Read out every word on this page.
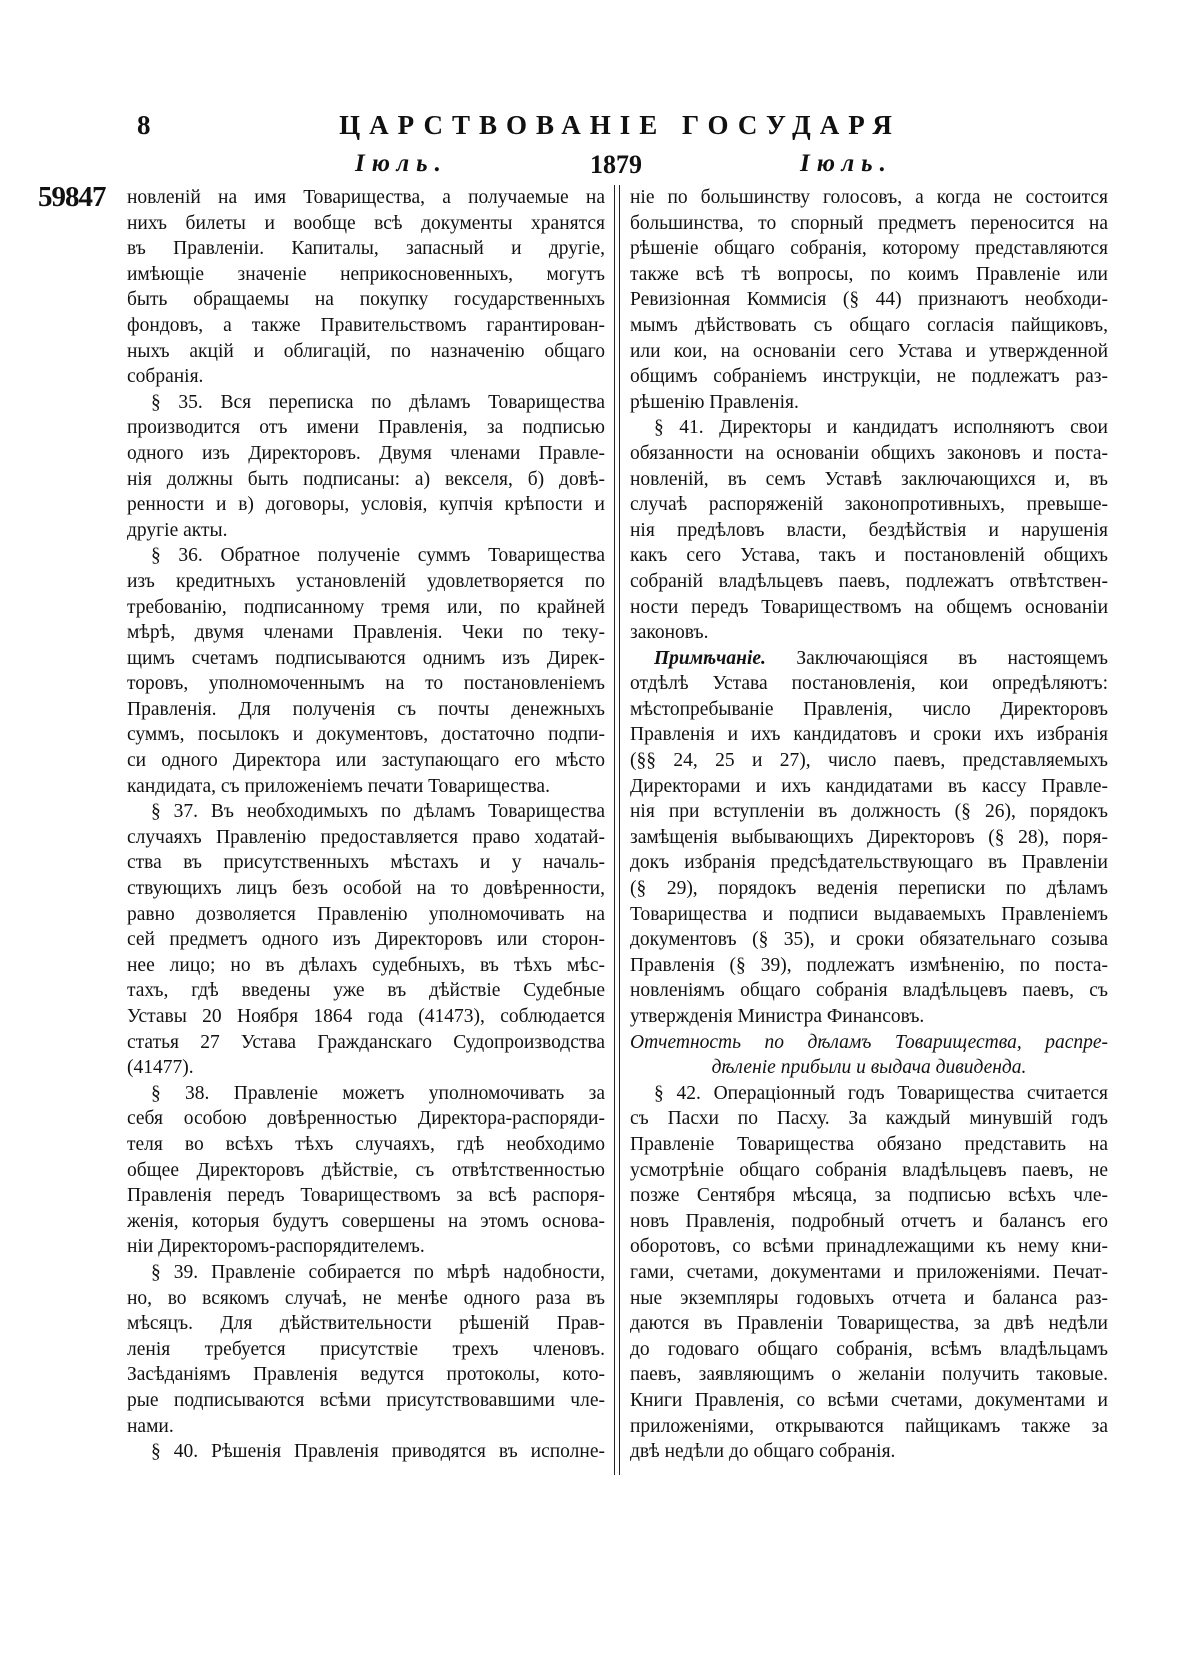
8	ЦАРСТВОВАНІЕ ГОСУДАРЯ
Іюль.	1879	Іюль.
59847 новленій на имя Товарищества, а получаемые на
нихъ билеты и вообще всѣ документы хранятся
въ Правленіи. Капиталы, запасный и другіе,
имѣющіе значеніе неприкосновенныхъ, могутъ
быть обращаемы на покупку государственныхъ
фондовъ, а также Правительствомъ гарантирован-
ныхъ акцій и облигацій, по назначенію общаго
собранія.
§ 35. Вся переписка по дѣламъ Товарищества
производится отъ имени Правленія, за подписью
одного изъ Директоровъ. Двумя членами Правле-
нія должны быть подписаны: а) векселя, б) довѣ-
ренности и в) договоры, условія, купчія крѣпости и
другіе акты.
§ 36. Обратное полученіе суммъ Товарищества
изъ кредитныхъ установленій удовлетворяется по
требованію, подписанному тремя или, по крайней
мѣрѣ, двумя членами Правленія. Чеки по теку-
щимъ счетамъ подписываются однимъ изъ Дирек-
торовъ, уполномоченнымъ на то постановленіемъ
Правленія. Для полученія съ почты денежныхъ
суммъ, посылокъ и документовъ, достаточно подпи-
си одного Директора или заступающаго его мѣсто
кандидата, съ приложеніемъ печати Товарищества.
§ 37. Въ необходимыхъ по дѣламъ Товарищества
случаяхъ Правленію предоставляется право ходатай-
ства въ присутственныхъ мѣстахъ и у началь-
ствующихъ лицъ безъ особой на то довѣренности,
равно дозволяется Правленію уполномочивать на
сей предметъ одного изъ Директоровъ или сторон-
нее лицо; но въ дѣлахъ судебныхъ, въ тѣхъ мѣс-
тахъ, гдѣ введены уже въ дѣйствіе Судебные
Уставы 20 Ноября 1864 года (41473), соблюдается
статья 27 Устава Гражданскаго Судопроизводства
(41477).
§ 38. Правленіе можетъ уполномочивать за
себя особою довѣренностью Директора-распоряди-
теля во всѣхъ тѣхъ случаяхъ, гдѣ необходимо
общее Директоровъ дѣйствіе, съ отвѣтственностью
Правленія передъ Товариществомъ за всѣ распоря-
женія, которыя будутъ совершены на этомъ основа-
ніи Директоромъ-распорядителемъ.
§ 39. Правленіе собирается по мѣрѣ надобности,
но, во всякомъ случаѣ, не менѣе одного раза въ
мѣсяцъ. Для дѣйствительности рѣшеній Прав-
ленія требуется присутствіе трехъ членовъ.
Засѣданіямъ Правленія ведутся протоколы, кото-
рые подписываются всѣми присутствовавшими чле-
нами.
§ 40. Рѣшенія Правленія приводятся въ исполне-
ніе по большинству голосовъ, а когда не состоится
большинства, то спорный предметъ переносится на
рѣшеніе общаго собранія, которому представляются
также всѣ тѣ вопросы, по коимъ Правленіе или
Ревизіонная Коммисія (§ 44) признаютъ необходи-
мымъ дѣйствовать съ общаго согласія пайщиковъ,
или кои, на основаніи сего Устава и утвержденной
общимъ собраніемъ инструкціи, не подлежатъ раз-
рѣшенію Правленія.
§ 41. Директоры и кандидатъ исполняютъ свои
обязанности на основаніи общихъ законовъ и поста-
новленій, въ семъ Уставѣ заключающихся и, въ
случаѣ распоряженій законопротивныхъ, превыше-
нія предѣловъ власти, бездѣйствія и нарушенія
какъ сего Устава, такъ и постановленій общихъ
собраній владѣльцевъ паевъ, подлежатъ отвѣтствен-
ности передъ Товариществомъ на общемъ основаніи
законовъ.
Примѣчаніе. Заключающіяся въ настоящемъ
отдѣлѣ Устава постановленія, кои опредѣляютъ:
мѣстопребываніе Правленія, число Директоровъ
Правленія и ихъ кандидатовъ и сроки ихъ избранія
(§§ 24, 25 и 27), число паевъ, представляемыхъ
Директорами и ихъ кандидатами въ кассу Правле-
нія при вступленіи въ должность (§ 26), порядокъ
замѣщенія выбывающихъ Директоровъ (§ 28), поря-
докъ избранія предсѣдательствующаго въ Правленіи
(§ 29), порядокъ веденія переписки по дѣламъ
Товарищества и подписи выдаваемыхъ Правленіемъ
документовъ (§ 35), и сроки обязательнаго созыва
Правленія (§ 39), подлежатъ измѣненію, по поста-
новленіямъ общаго собранія владѣльцевъ паевъ, съ
утвержденія Министра Финансовъ.
Отчетность по дѣламъ Товарищества, распре-
дѣленіе прибыли и выдача дивиденда.
§ 42. Операціонный годъ Товарищества считается
съ Пасхи по Пасху. За каждый минувшій годъ
Правленіе Товарищества обязано представить на
усмотрѣніе общаго собранія владѣльцевъ паевъ, не
позже Сентября мѣсяца, за подписью всѣхъ чле-
новъ Правленія, подробный отчетъ и балансъ его
оборотовъ, со всѣми принадлежащими къ нему кни-
гами, счетами, документами и приложеніями. Печат-
ные экземпляры годовыхъ отчета и баланса раз-
даются въ Правленіи Товарищества, за двѣ недѣли
до годоваго общаго собранія, всѣмъ владѣльцамъ
паевъ, заявляющимъ о желаніи получить таковые.
Книги Правленія, со всѣми счетами, документами и
приложеніями, открываются пайщикамъ также за
двѣ недѣли до общаго собранія.
